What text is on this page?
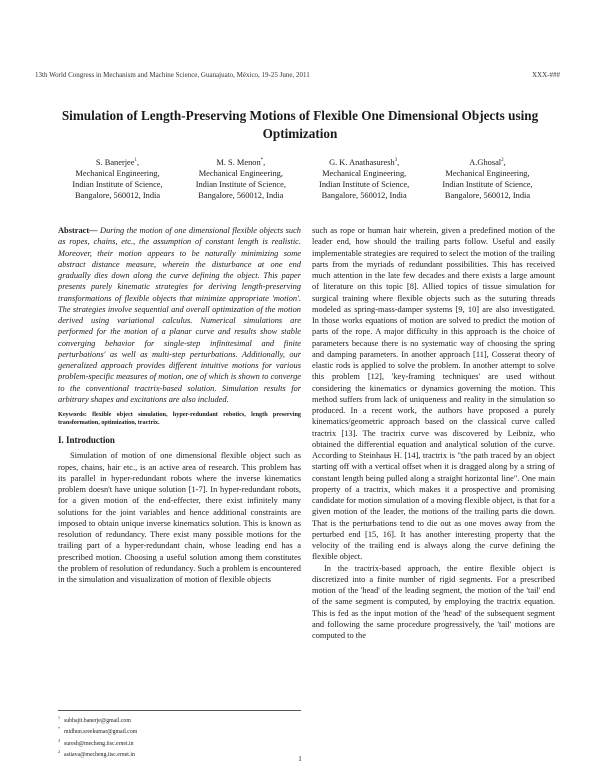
13th World Congress in Mechanism and Machine Science, Guanajuato, México, 19-25 June, 2011	XXX-###
Simulation of Length-Preserving Motions of Flexible One Dimensional Objects using Optimization
S. Banerjee$^1$,
Mechanical Engineering,
Indian Institute of Science,
Bangalore, 560012, India
M. S. Menon*,
Mechanical Engineering,
Indian Institute of Science,
Bangalore, 560012, India
G. K. Anathasuresh$^3$,
Mechanical Engineering,
Indian Institute of Science,
Bangalore, 560012, India
A.Ghosal$^2$,
Mechanical Engineering,
Indian Institute of Science,
Bangalore, 560012, India

Abstract— During the motion of one dimensional flexible objects such as ropes, chains, etc., the assumption of constant length is realistic. Moreover, their motion appears to be naturally minimizing some abstract distance measure, wherein the disturbance at one end gradually dies down along the curve defining the object. This paper presents purely kinematic strategies for deriving length-preserving transformations of flexible objects that minimize appropriate 'motion'. The strategies involve sequential and overall optimization of the motion derived using variational calculus. Numerical simulations are performed for the motion of a planar curve and results show stable converging behavior for single-step infinitesimal and finite perturbations' as well as multi-step perturbations. Additionally, our generalized approach provides different intuitive motions for various problem-specific measures of motion, one of which is shown to converge to the conventional tractrix-based solution. Simulation results for arbitrary shapes and excitations are also included.

Keywords: flexible object simulation, hyper-redundant robotics, length preserving transformation, optimization, tractrix.

I. Introduction

Simulation of motion of one dimensional flexible object such as ropes, chains, hair etc., is an active area of research. This problem has its parallel in hyper-redundant robots where the inverse kinematics problem doesn't have unique solution [1-7]. In hyper-redundant robots, for a given motion of the end-effecter, there exist infinitely many solutions for the joint variables and hence additional constraints are imposed to obtain unique inverse kinematics solution. This is known as resolution of redundancy. There exist many possible motions for the trailing part of a hyper-redundant chain, whose leading end has a prescribed motion. Choosing a useful solution among them constitutes the problem of resolution of redundancy. Such a problem is encountered in the simulation and visualization of motion of flexible objects

such as rope or human hair wherein, given a predefined motion of the leader end, how should the trailing parts follow. Useful and easily implementable strategies are required to select the motion of the trailing parts from the myriads of redundant possibilities. This has received much attention in the late few decades and there exists a large amount of literature on this topic [8]. Allied topics of tissue simulation for surgical training where flexible objects such as the suturing threads modeled as spring-mass-damper systems [9, 10] are also investigated. In those works equations of motion are solved to predict the motion of parts of the rope. A major difficulty in this approach is the choice of parameters because there is no systematic way of choosing the spring and damping parameters. In another approach [11], Cosserat theory of elastic rods is applied to solve the problem. In another attempt to solve this problem [12], 'key-framing techniques' are used without considering the kinematics or dynamics governing the motion. This method suffers from lack of uniqueness and reality in the simulation so produced. In a recent work, the authors have proposed a purely kinematics/geometric approach based on the classical curve called tractrix [13]. The tractrix curve was discovered by Leibniz, who obtained the differential equation and analytical solution of the curve. According to Steinhaus H. [14], tractrix is "the path traced by an object starting off with a vertical offset when it is dragged along by a string of constant length being pulled along a straight horizontal line". One main property of a tractrix, which makes it a prospective and promising candidate for motion simulation of a moving flexible object, is that for a given motion of the leader, the motions of the trailing parts die down. That is the perturbations tend to die out as one moves away from the perturbed end [15, 16]. It has another interesting property that the velocity of the trailing end is always along the curve defining the flexible object.

In the tractrix-based approach, the entire flexible object is discretized into a finite number of rigid segments. For a prescribed motion of the 'head' of the leading segment, the motion of the 'tail' end of the same segment is computed, by employing the tractrix equation. This is fed as the input motion of the 'head' of the subsequent segment and following the same procedure progressively, the 'tail' motions are computed to the

$^1$subhajit.banerje@gmail.com
*midhun.sreekumar@gmail.com
$^3$suresh@mecheng.iisc.ernet.in
$^2$asitava@mecheng.iisc.ernet.in
1
